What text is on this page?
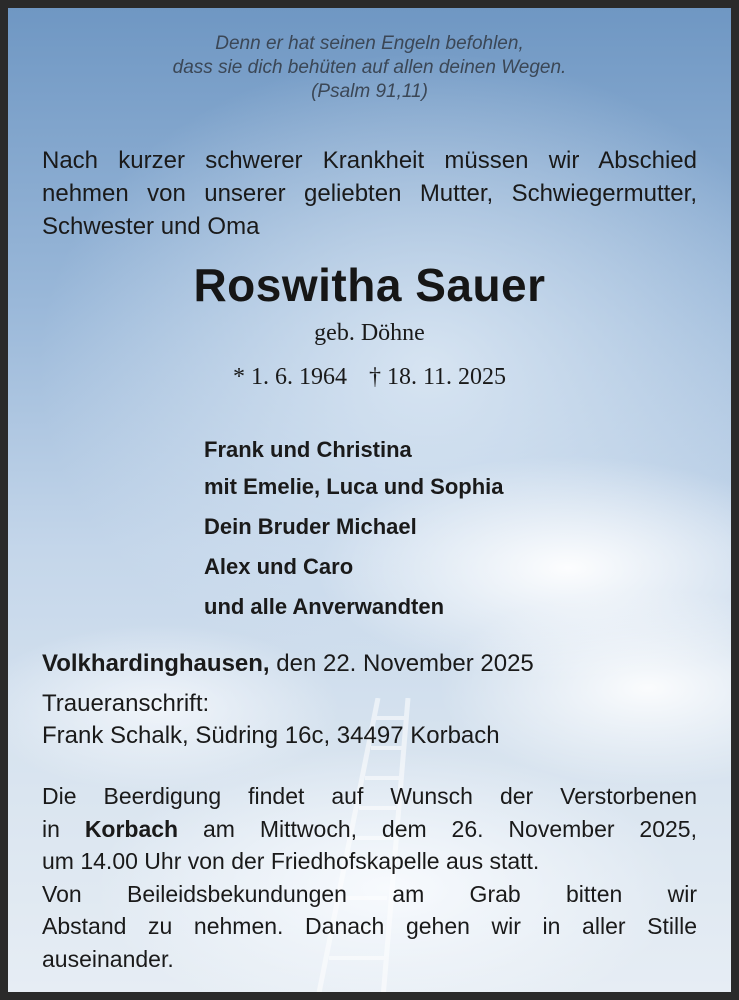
Denn er hat seinen Engeln befohlen,
dass sie dich behüten auf allen deinen Wegen.
(Psalm 91,11)
Nach kurzer schwerer Krankheit müssen wir Abschied nehmen von unserer geliebten Mutter, Schwiegermutter, Schwester und Oma
Roswitha Sauer
geb. Döhne
* 1. 6. 1964 † 18. 11. 2025
Frank und Christina
mit Emelie, Luca und Sophia
Dein Bruder Michael
Alex und Caro
und alle Anverwandten
Volkhardinghausen, den 22. November 2025
Traueranschrift:
Frank Schalk, Südring 16c, 34497 Korbach
Die Beerdigung findet auf Wunsch der Verstorbenen
in Korbach am Mittwoch, dem 26. November 2025,
um 14.00 Uhr von der Friedhofskapelle aus statt.
Von Beileidsbekundungen am Grab bitten wir
Abstand zu nehmen. Danach gehen wir in aller Stille
auseinander.
